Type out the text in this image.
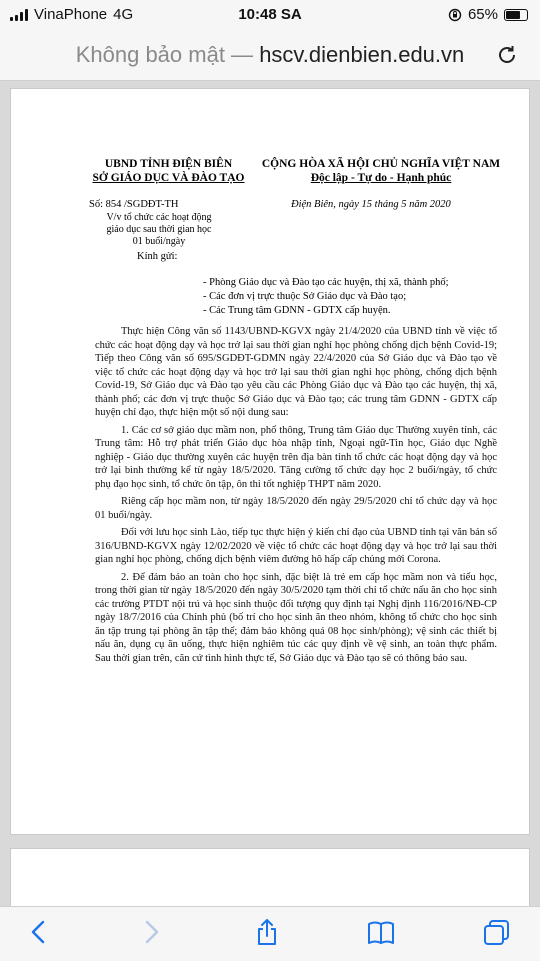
VinaPhone 4G	10:48 SA	65%
Không bảo mật — hscv.dienbien.edu.vn
UBND TỈNH ĐIỆN BIÊN
SỞ GIÁO DỤC VÀ ĐÀO TẠO
CỘNG HÒA XÃ HỘI CHỦ NGHĨA VIỆT NAM
Độc lập - Tự do - Hạnh phúc
Số: 854 /SGDĐT-TH
V/v tổ chức các hoạt động
giáo dục sau thời gian học
01 buổi/ngày
Điện Biên, ngày 15 tháng 5 năm 2020
Kính gửi:
- Phòng Giáo dục và Đào tạo các huyện, thị xã, thành phố;
- Các đơn vị trực thuộc Sở Giáo dục và Đào tạo;
- Các Trung tâm GDNN - GDTX cấp huyện.

Thực hiện Công văn số 1143/UBND-KGVX ngày 21/4/2020 của UBND tỉnh về việc tổ chức các hoạt động dạy và học trở lại sau thời gian nghỉ học phòng chống dịch bệnh Covid-19; Tiếp theo Công văn số 695/SGDĐT-GDMN ngày 22/4/2020 của Sở Giáo dục và Đào tạo về việc tổ chức các hoạt động dạy và học trở lại sau thời gian nghỉ học phòng, chống dịch bệnh Covid-19, Sở Giáo dục và Đào tạo yêu cầu các Phòng Giáo dục và Đào tạo các huyện, thị xã, thành phố; các đơn vị trực thuộc Sở Giáo dục và Đào tạo; các trung tâm GDNN - GDTX cấp huyện chỉ đạo, thực hiện một số nội dung sau:

1. Các cơ sở giáo dục mầm non, phổ thông, Trung tâm Giáo dục Thường xuyên tỉnh, các Trung tâm: Hỗ trợ phát triển Giáo dục hòa nhập tỉnh, Ngoại ngữ-Tin học, Giáo dục Nghề nghiệp - Giáo dục thường xuyên các huyện trên địa bàn tỉnh tổ chức các hoạt động dạy và học trở lại bình thường kể từ ngày 18/5/2020. Tăng cường tổ chức dạy học 2 buổi/ngày, tổ chức phụ đạo học sinh, tổ chức ôn tập, ôn thi tốt nghiệp THPT năm 2020.

Riêng cấp học mầm non, từ ngày 18/5/2020 đến ngày 29/5/2020 chỉ tổ chức dạy và học 01 buổi/ngày.

Đối với lưu học sinh Lào, tiếp tục thực hiện ý kiến chỉ đạo của UBND tỉnh tại văn bản số 316/UBND-KGVX ngày 12/02/2020 về việc tổ chức các hoạt động dạy và học trở lại sau thời gian nghỉ học phòng, chống dịch bệnh viêm đường hô hấp cấp chủng mới Corona.

2. Để đảm bảo an toàn cho học sinh, đặc biệt là trẻ em cấp học mầm non và tiểu học, trong thời gian từ ngày 18/5/2020 đến ngày 30/5/2020 tạm thời chỉ tổ chức nấu ăn cho học sinh các trường PTDT nội trú và học sinh thuộc đối tượng quy định tại Nghị định 116/2016/NĐ-CP ngày 18/7/2016 của Chính phủ (bố trí cho học sinh ăn theo nhóm, không tổ chức cho học sinh ăn tập trung tại phòng ăn tập thể; đảm bảo không quá 08 học sinh/phòng); vệ sinh các thiết bị nấu ăn, dụng cụ ăn uống, thực hiện nghiêm túc các quy định về vệ sinh, an toàn thực phẩm. Sau thời gian trên, căn cứ tình hình thực tế, Sở Giáo dục và Đào tạo sẽ có thông báo sau.
